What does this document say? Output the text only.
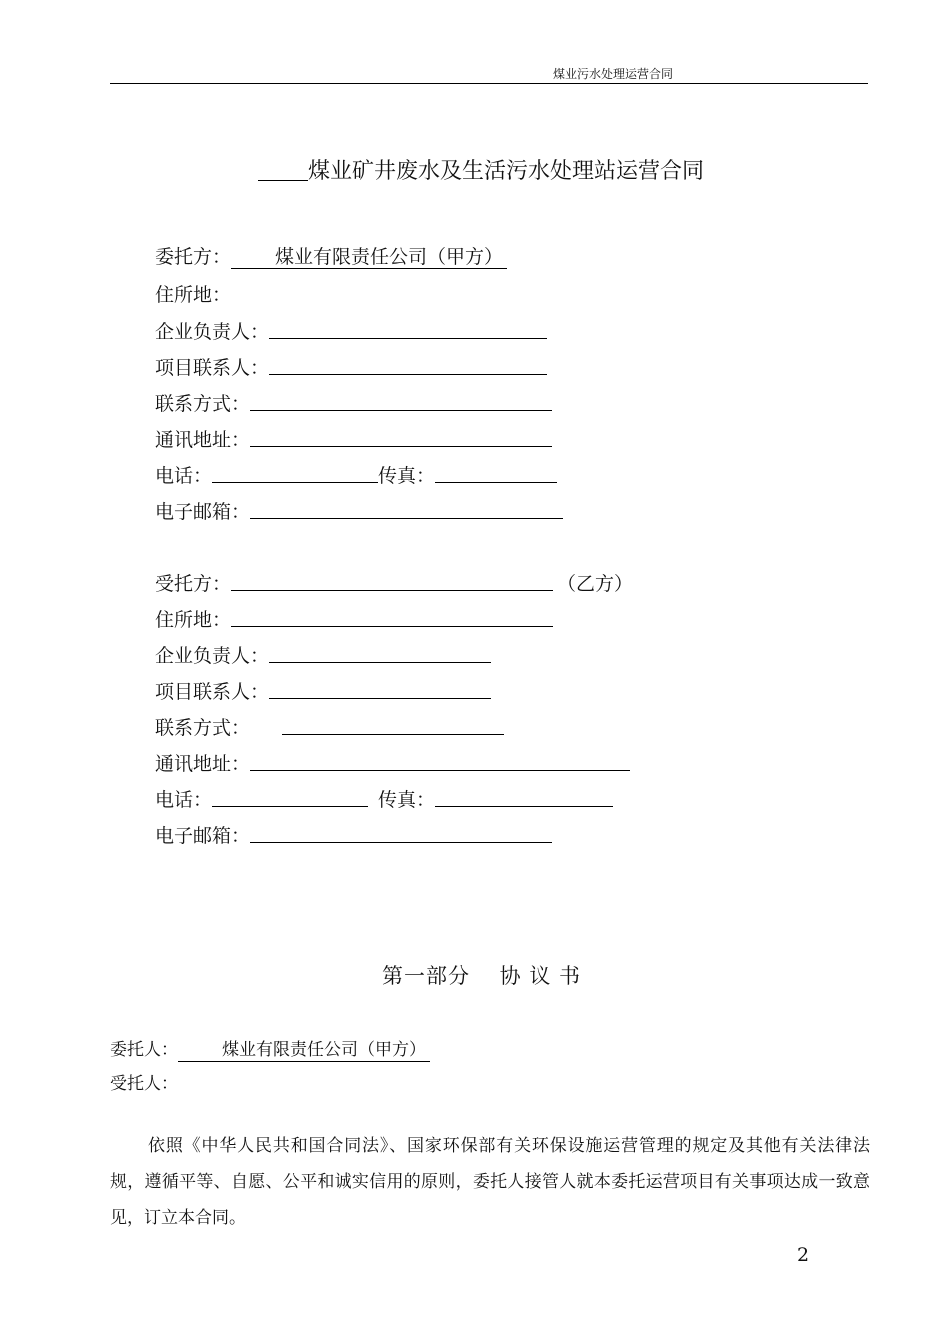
煤业污水处理运营合同
煤业矿井废水及生活污水处理站运营合同
委托方： 煤业有限责任公司（甲方）
住所地：
企业负责人：
项目联系人：
联系方式：
通讯地址：
电话：	传真：
电子邮箱：
受托方：	（乙方）
住所地：
企业负责人：
项目联系人：
联系方式：
通讯地址：
电话：	传真：
电子邮箱：
第一部分　 协 议 书
委托人：	煤业有限责任公司（甲方）
受托人：
依照《中华人民共和国合同法》、国家环保部有关环保设施运营管理的规定及其他有关法律法规，遵循平等、自愿、公平和诚实信用的原则，委托人接管人就本委托运营项目有关事项达成一致意见，订立本合同。
2
